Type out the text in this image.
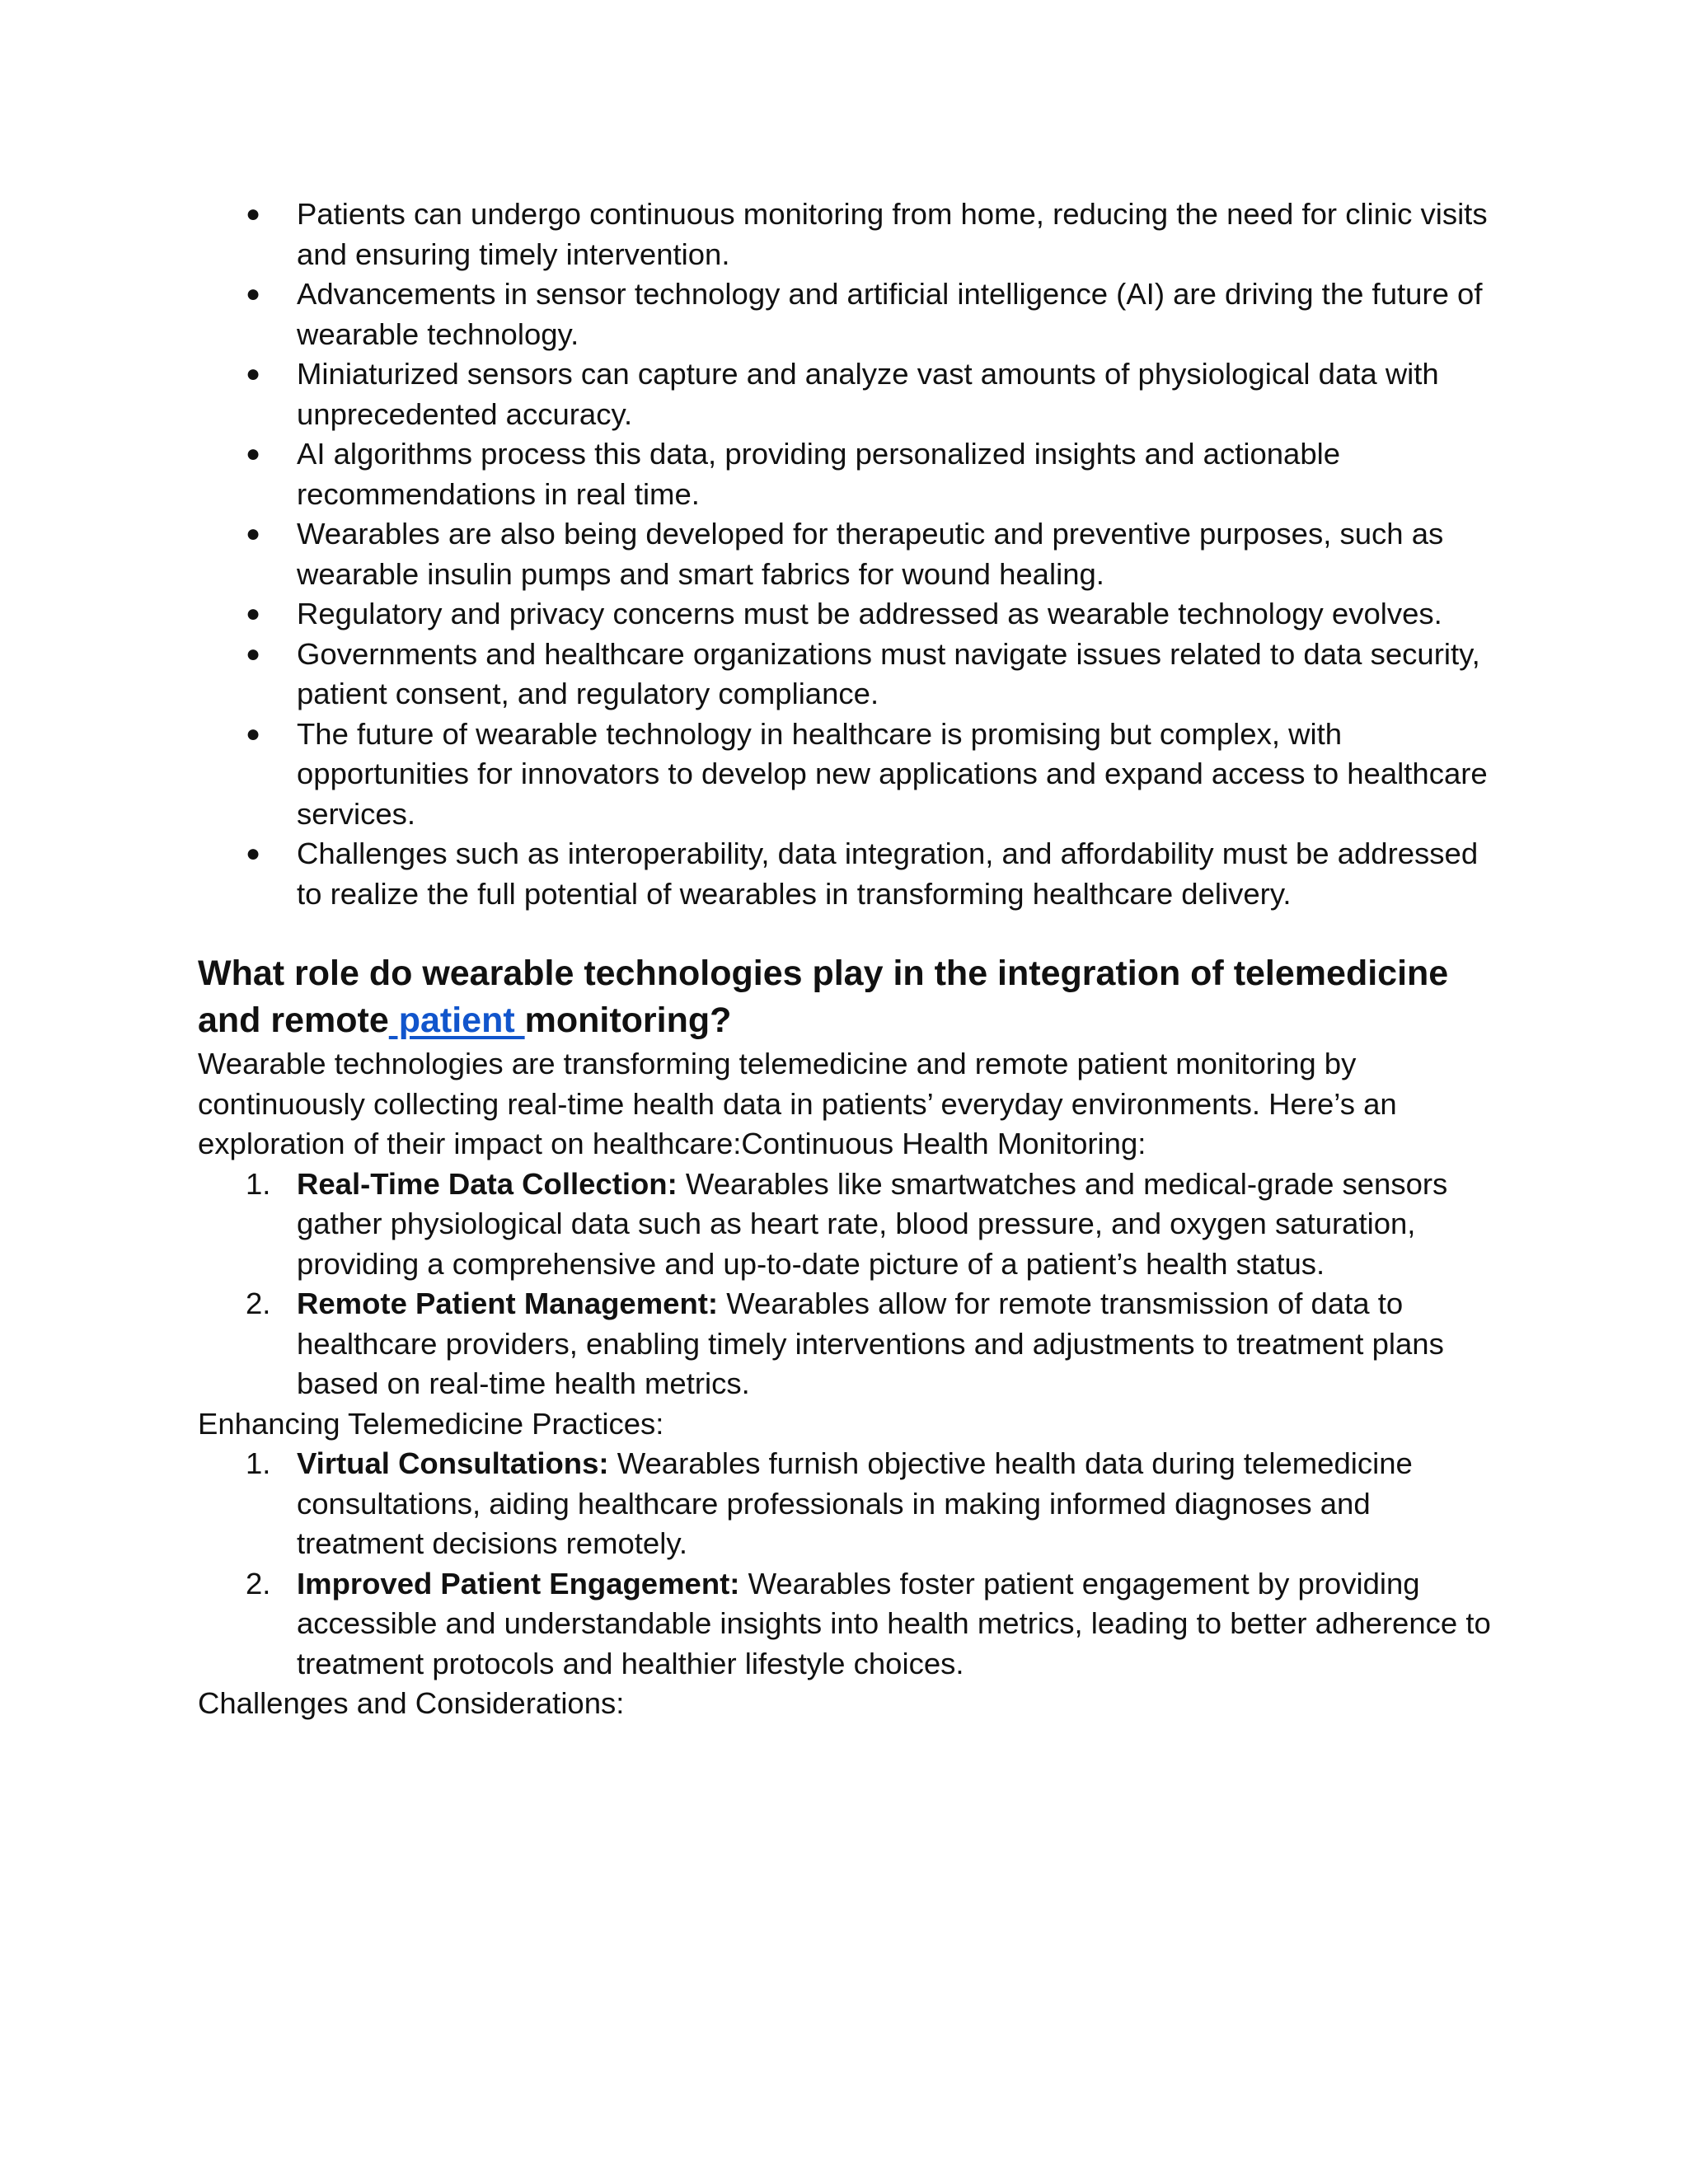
● Patients can undergo continuous monitoring from home, reducing the need for clinic visits and ensuring timely intervention.
● Advancements in sensor technology and artificial intelligence (AI) are driving the future of wearable technology.
● Miniaturized sensors can capture and analyze vast amounts of physiological data with unprecedented accuracy.
● AI algorithms process this data, providing personalized insights and actionable recommendations in real time.
● Wearables are also being developed for therapeutic and preventive purposes, such as wearable insulin pumps and smart fabrics for wound healing.
● Regulatory and privacy concerns must be addressed as wearable technology evolves.
● Governments and healthcare organizations must navigate issues related to data security, patient consent, and regulatory compliance.
● The future of wearable technology in healthcare is promising but complex, with opportunities for innovators to develop new applications and expand access to healthcare services.
● Challenges such as interoperability, data integration, and affordability must be addressed to realize the full potential of wearables in transforming healthcare delivery.
What role do wearable technologies play in the integration of telemedicine and remote patient monitoring?

Wearable technologies are transforming telemedicine and remote patient monitoring by continuously collecting real-time health data in patients’ everyday environments. Here’s an exploration of their impact on healthcare:Continuous Health Monitoring:

1. Real-Time Data Collection: Wearables like smartwatches and medical-grade sensors gather physiological data such as heart rate, blood pressure, and oxygen saturation, providing a comprehensive and up-to-date picture of a patient’s health status.
2. Remote Patient Management: Wearables allow for remote transmission of data to healthcare providers, enabling timely interventions and adjustments to treatment plans based on real-time health metrics.

Enhancing Telemedicine Practices:

1. Virtual Consultations: Wearables furnish objective health data during telemedicine consultations, aiding healthcare professionals in making informed diagnoses and treatment decisions remotely.
2. Improved Patient Engagement: Wearables foster patient engagement by providing accessible and understandable insights into health metrics, leading to better adherence to treatment protocols and healthier lifestyle choices.

Challenges and Considerations:
